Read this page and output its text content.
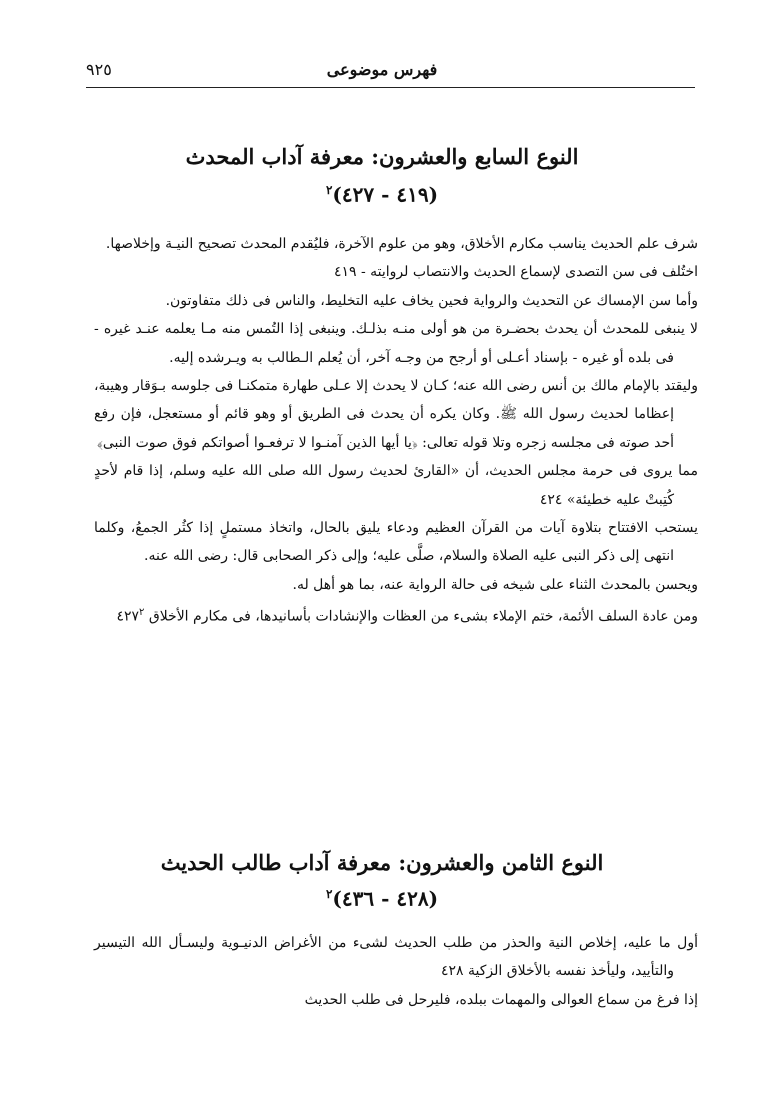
٩٢٥	فهرس موضوعى
النوع السابع والعشرون: معرفة آداب المحدث
(٤١٩ - ٤٢٧)$^٢$

شرف علم الحديث يناسب مكارم الأخلاق، وهو من علوم الآخرة، فليُقدم المحدث تصحيح النيـة وإخلاصها.

اختُلف فى سن التصدى لإسماع الحديث والانتصاب لروايته - ٤١٩

وأما سن الإمساك عن التحديث والرواية فحين يخاف عليه التخليط، والناس فى ذلك متفاوتون.

لا ينبغى للمحدث أن يحدث بحضـرة من هو أولى منـه بذلـك. وينبغى إذا التُمس منه مـا يعلمه عنـد غيره - فى بلده أو غيره - بإسناد أعـلى أو أرجح من وجـه آخر، أن يُعلم الـطالب به ويـرشده إليه.

وليقتد بالإمام مالك بن أنس رضى الله عنه؛ كـان لا يحدث إلا عـلى طهارة متمكنـا فى جلوسه بـوَقار وهيبة، إعظاما لحديث رسول الله ﷺ. وكان يكره أن يحدث فى الطريق أو وهو قائم أو مستعجل، فإن رفع أحد صوته فى مجلسه زجره وتلا قوله تعالى: ﴿يا أيها الذين آمنـوا لا ترفعـوا أصواتكم فوق صوت النبى﴾

مما يروى فى حرمة مجلس الحديث، أن «القارئ لحديث رسول الله صلى الله عليه وسلم، إذا قام لأحدٍ كُتِبتْ عليه خطيئة» ٤٢٤

يستحب الافتتاح بتلاوة آيات من القرآن العظيم ودعاء يليق بالحال، واتخاذ مستملٍ إذا كثُر الجمعُ، وكلما انتهى إلى ذكر النبى عليه الصلاة والسلام، صلَّى عليه؛ وإلى ذكر الصحابى قال: رضى الله عنه.

ويحسن بالمحدث الثناء على شيخه فى حالة الرواية عنه، بما هو أهل له.

ومن عادة السلف الأئمة، ختم الإملاء بشىء من العظات والإنشادات بأسانيدها، فى مكارم الأخلاق $٤٢٧^٢$

النوع الثامن والعشرون: معرفة آداب طالب الحديث
(٤٢٨ - ٤٣٦)$^٢$

أول ما عليه، إخلاص النية والحذر من طلب الحديث لشىء من الأغراض الدنيـوية وليسـأل الله التيسير والتأييد، وليأخذ نفسه بالأخلاق الزكية ٤٢٨

إذا فرغ من سماع العوالى والمهمات ببلده، فليرحل فى طلب الحديث
